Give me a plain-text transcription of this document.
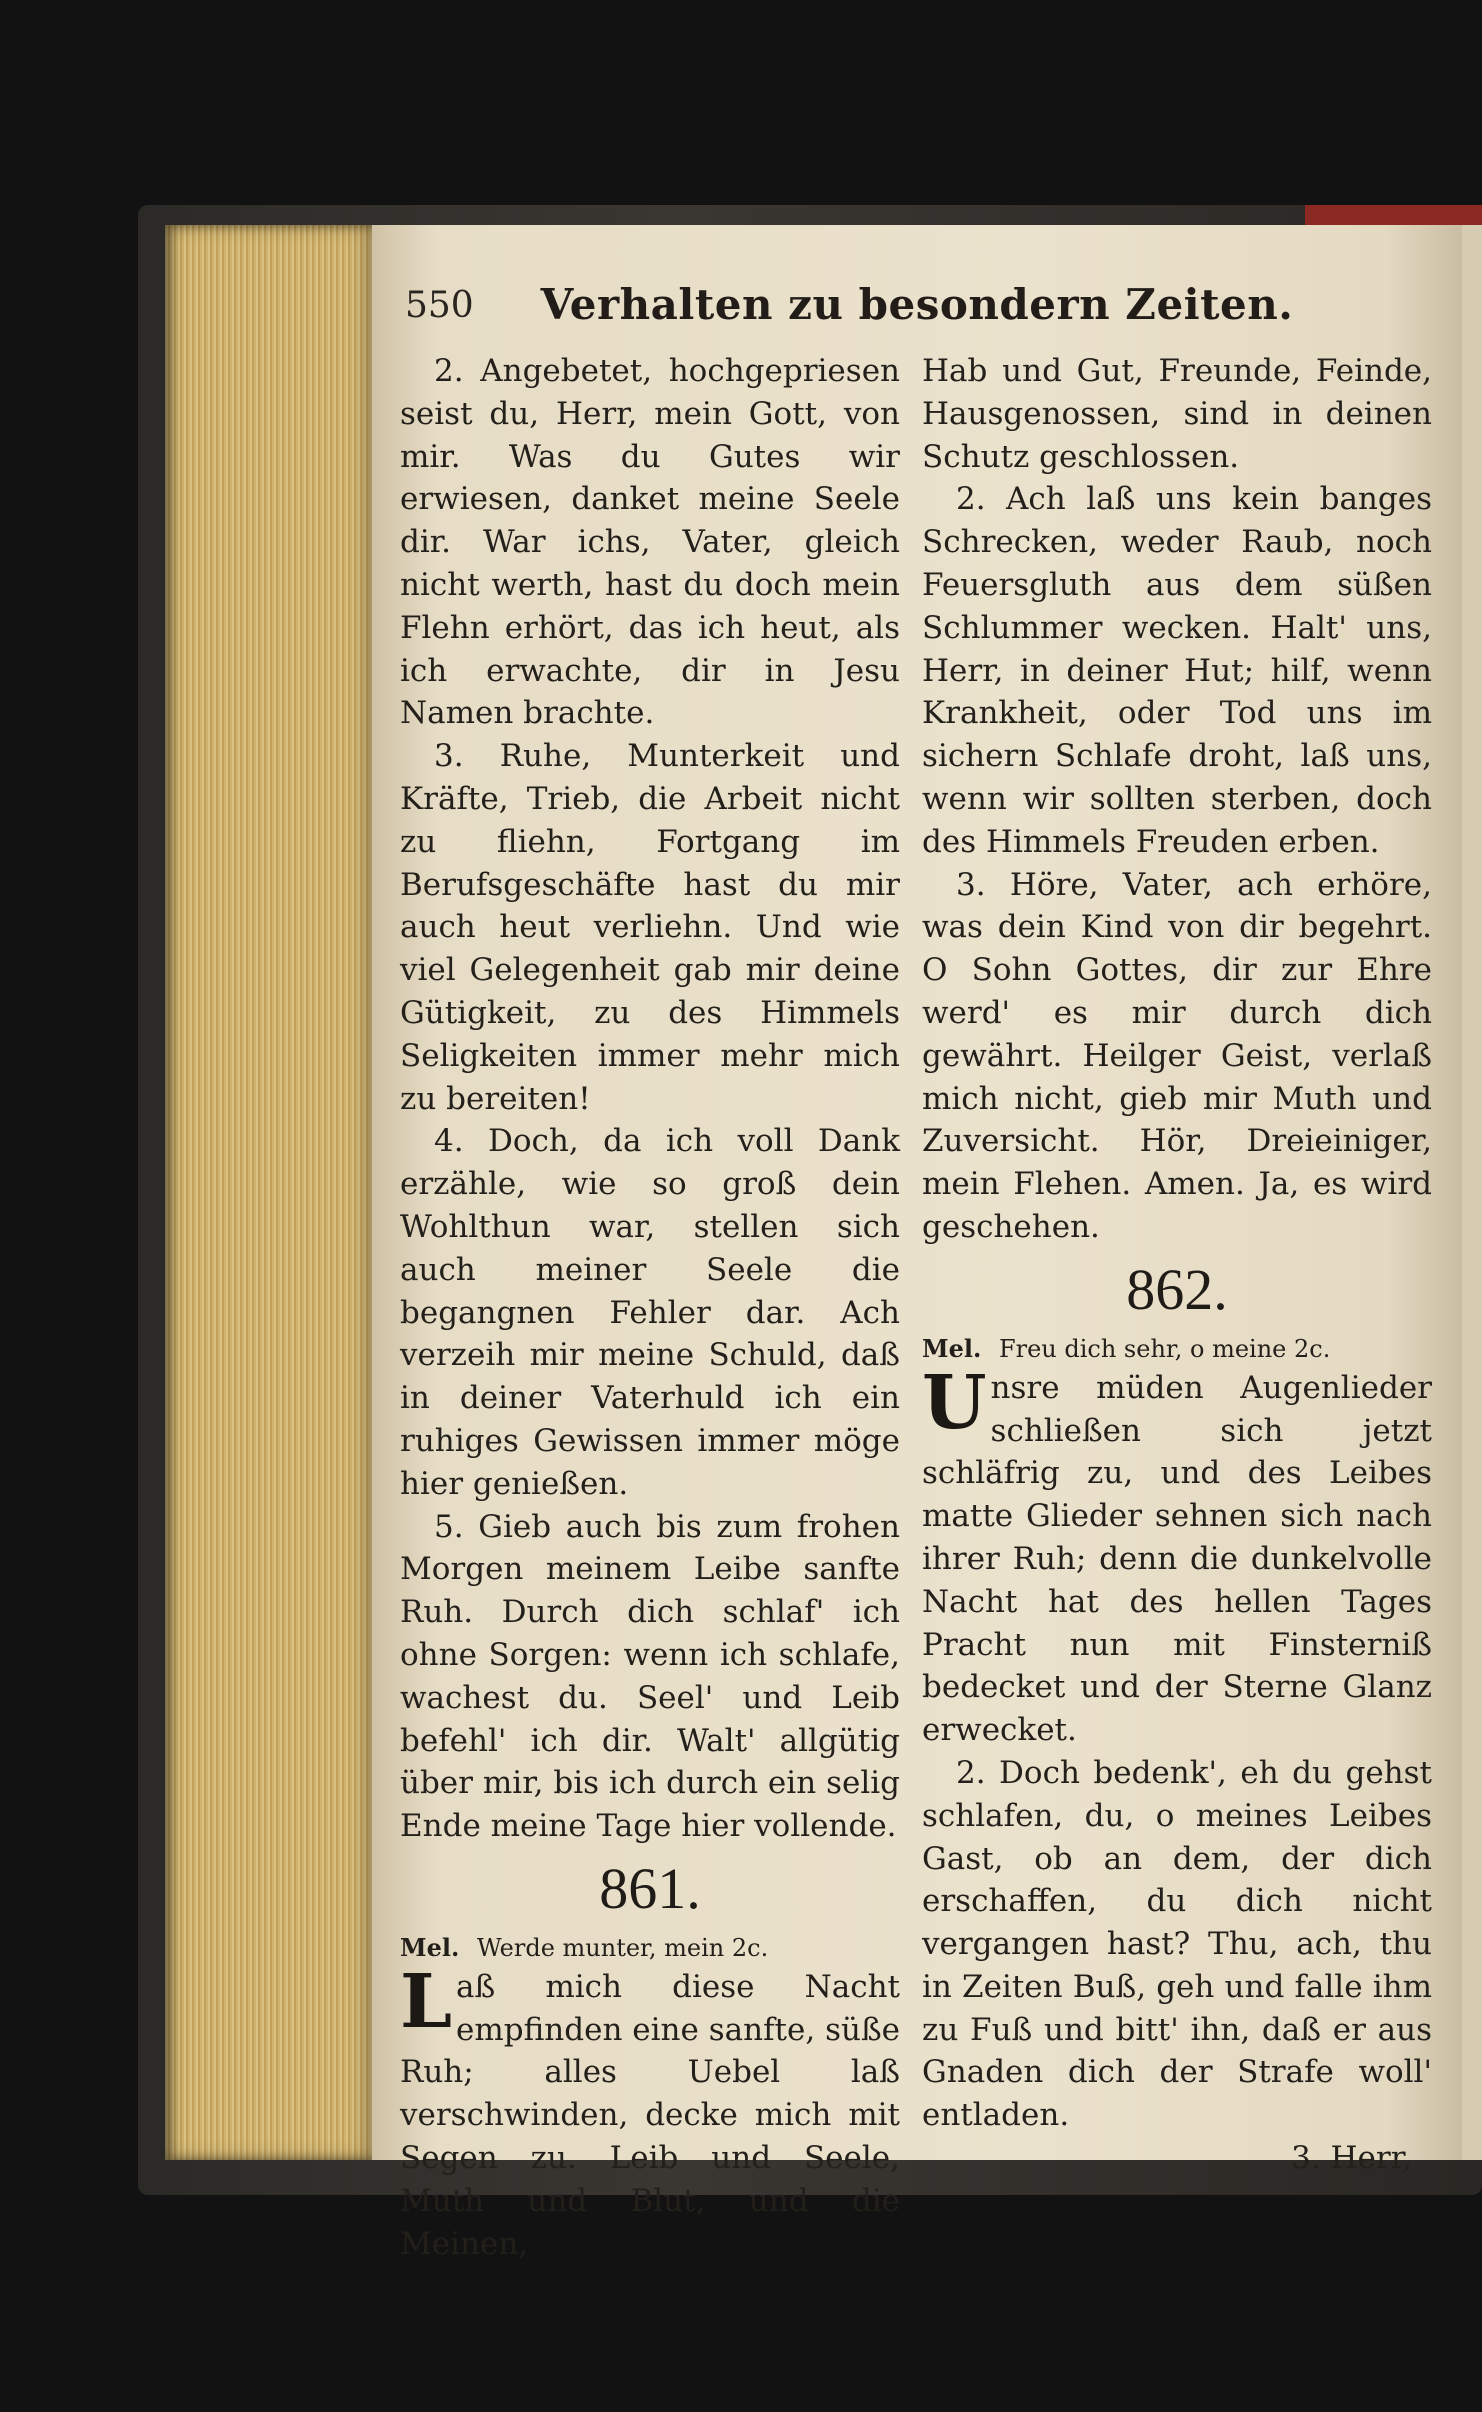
550	Verhalten zu besondern Zeiten.

2. Angebetet, hochgepriesen seist du, Herr, mein Gott, von mir. Was du Gutes wir erwiesen, danket meine Seele dir. War ichs, Vater, gleich nicht werth, hast du doch mein Flehn erhört, das ich heut, als ich erwachte, dir in Jesu Namen brachte.

3. Ruhe, Munterkeit und Kräfte, Trieb, die Arbeit nicht zu fliehn, Fortgang im Berufsgeschäfte hast du mir auch heut verliehn. Und wie viel Gelegenheit gab mir deine Gütigkeit, zu des Himmels Seligkeiten immer mehr mich zu bereiten!

4. Doch, da ich voll Dank erzähle, wie so groß dein Wohlthun war, stellen sich auch meiner Seele die begangnen Fehler dar. Ach verzeih mir meine Schuld, daß in deiner Vaterhuld ich ein ruhiges Gewissen immer möge hier genießen.

5. Gieb auch bis zum frohen Morgen meinem Leibe sanfte Ruh. Durch dich schlaf' ich ohne Sorgen: wenn ich schlafe, wachest du. Seel' und Leib befehl' ich dir. Walt' allgütig über mir, bis ich durch ein selig Ende meine Tage hier vollende.

861.

Mel. Werde munter, mein 2c.

L aß mich diese Nacht empfinden eine sanfte, süße Ruh; alles Uebel laß verschwinden, decke mich mit Segen zu. Leib und Seele, Muth und Blut, und die Meinen,

Hab und Gut, Freunde, Feinde, Hausgenossen, sind in deinen Schutz geschlossen.

2. Ach laß uns kein banges Schrecken, weder Raub, noch Feuersgluth aus dem süßen Schlummer wecken. Halt' uns, Herr, in deiner Hut; hilf, wenn Krankheit, oder Tod uns im sichern Schlafe droht, laß uns, wenn wir sollten sterben, doch des Himmels Freuden erben.

3. Höre, Vater, ach erhöre, was dein Kind von dir begehrt. O Sohn Gottes, dir zur Ehre werd' es mir durch dich gewährt. Heilger Geist, verlaß mich nicht, gieb mir Muth und Zuversicht. Hör, Dreieiniger, mein Flehen. Amen. Ja, es wird geschehen.

862.

Mel. Freu dich sehr, o meine 2c.

U nsre müden Augenlieder schließen sich jetzt schläfrig zu, und des Leibes matte Glieder sehnen sich nach ihrer Ruh; denn die dunkelvolle Nacht hat des hellen Tages Pracht nun mit Finsterniß bedecket und der Sterne Glanz erwecket.

2. Doch bedenk', eh du gehst schlafen, du, o meines Leibes Gast, ob an dem, der dich erschaffen, du dich nicht vergangen hast? Thu, ach, thu in Zeiten Buß, geh und falle ihm zu Fuß und bitt' ihn, daß er aus Gnaden dich der Strafe woll' entladen.

3. Herr,
